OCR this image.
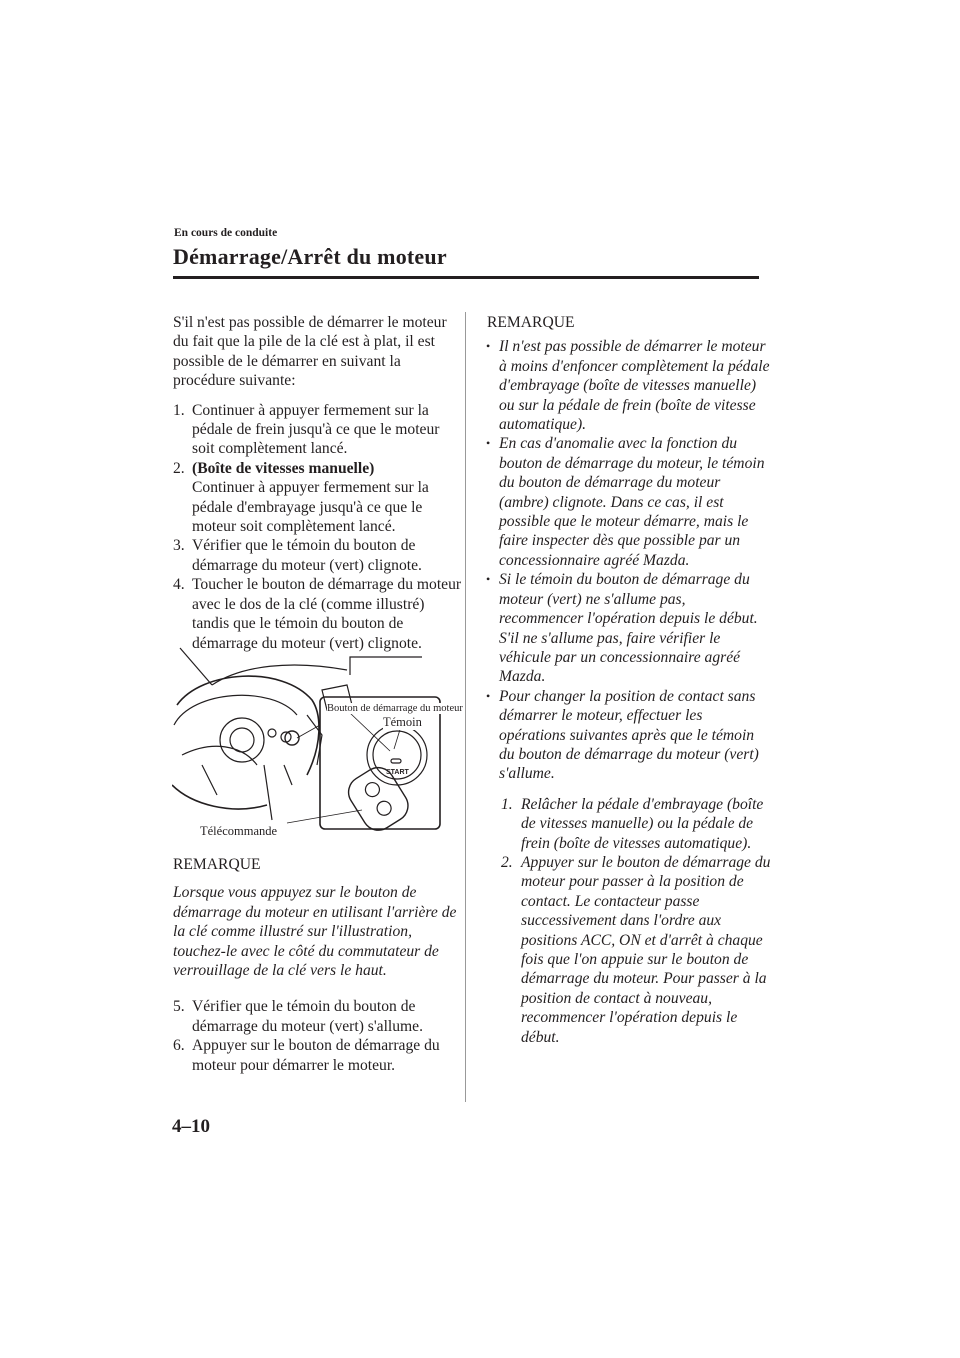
En cours de conduite
Démarrage/Arrêt du moteur

S'il n'est pas possible de démarrer le moteur du fait que la pile de la clé est à plat, il est possible de le démarrer en suivant la procédure suivante:

1. Continuer à appuyer fermement sur la pédale de frein jusqu'à ce que le moteur soit complètement lancé.
2. (Boîte de vitesses manuelle)
Continuer à appuyer fermement sur la pédale d'embrayage jusqu'à ce que le moteur soit complètement lancé.
3. Vérifier que le témoin du bouton de démarrage du moteur (vert) clignote.
4. Toucher le bouton de démarrage du moteur avec le dos de la clé (comme illustré) tandis que le témoin du bouton de démarrage du moteur (vert) clignote.
START
Bouton de démarrage du moteur
Témoin
Télécommande

REMARQUE

Lorsque vous appuyez sur le bouton de démarrage du moteur en utilisant l'arrière de la clé comme illustré sur l'illustration, touchez-le avec le côté du commutateur de verrouillage de la clé vers le haut.

5. Vérifier que le témoin du bouton de démarrage du moteur (vert) s'allume.
6. Appuyer sur le bouton de démarrage du moteur pour démarrer le moteur.

REMARQUE

• Il n'est pas possible de démarrer le moteur à moins d'enfoncer complètement la pédale d'embrayage (boîte de vitesses manuelle) ou sur la pédale de frein (boîte de vitesse automatique).
• En cas d'anomalie avec la fonction du bouton de démarrage du moteur, le témoin du bouton de démarrage du moteur (ambre) clignote. Dans ce cas, il est possible que le moteur démarre, mais le faire inspecter dès que possible par un concessionnaire agréé Mazda.
• Si le témoin du bouton de démarrage du moteur (vert) ne s'allume pas, recommencer l'opération depuis le début. S'il ne s'allume pas, faire vérifier le véhicule par un concessionnaire agréé Mazda.
• Pour changer la position de contact sans démarrer le moteur, effectuer les opérations suivantes après que le témoin du bouton de démarrage du moteur (vert) s'allume.
1. Relâcher la pédale d'embrayage (boîte de vitesses manuelle) ou la pédale de frein (boîte de vitesses automatique).
2. Appuyer sur le bouton de démarrage du moteur pour passer à la position de contact. Le contacteur passe successivement dans l'ordre aux positions ACC, ON et d'arrêt à chaque fois que l'on appuie sur le bouton de démarrage du moteur. Pour passer à la position de contact à nouveau, recommencer l'opération depuis le début.
4–10
